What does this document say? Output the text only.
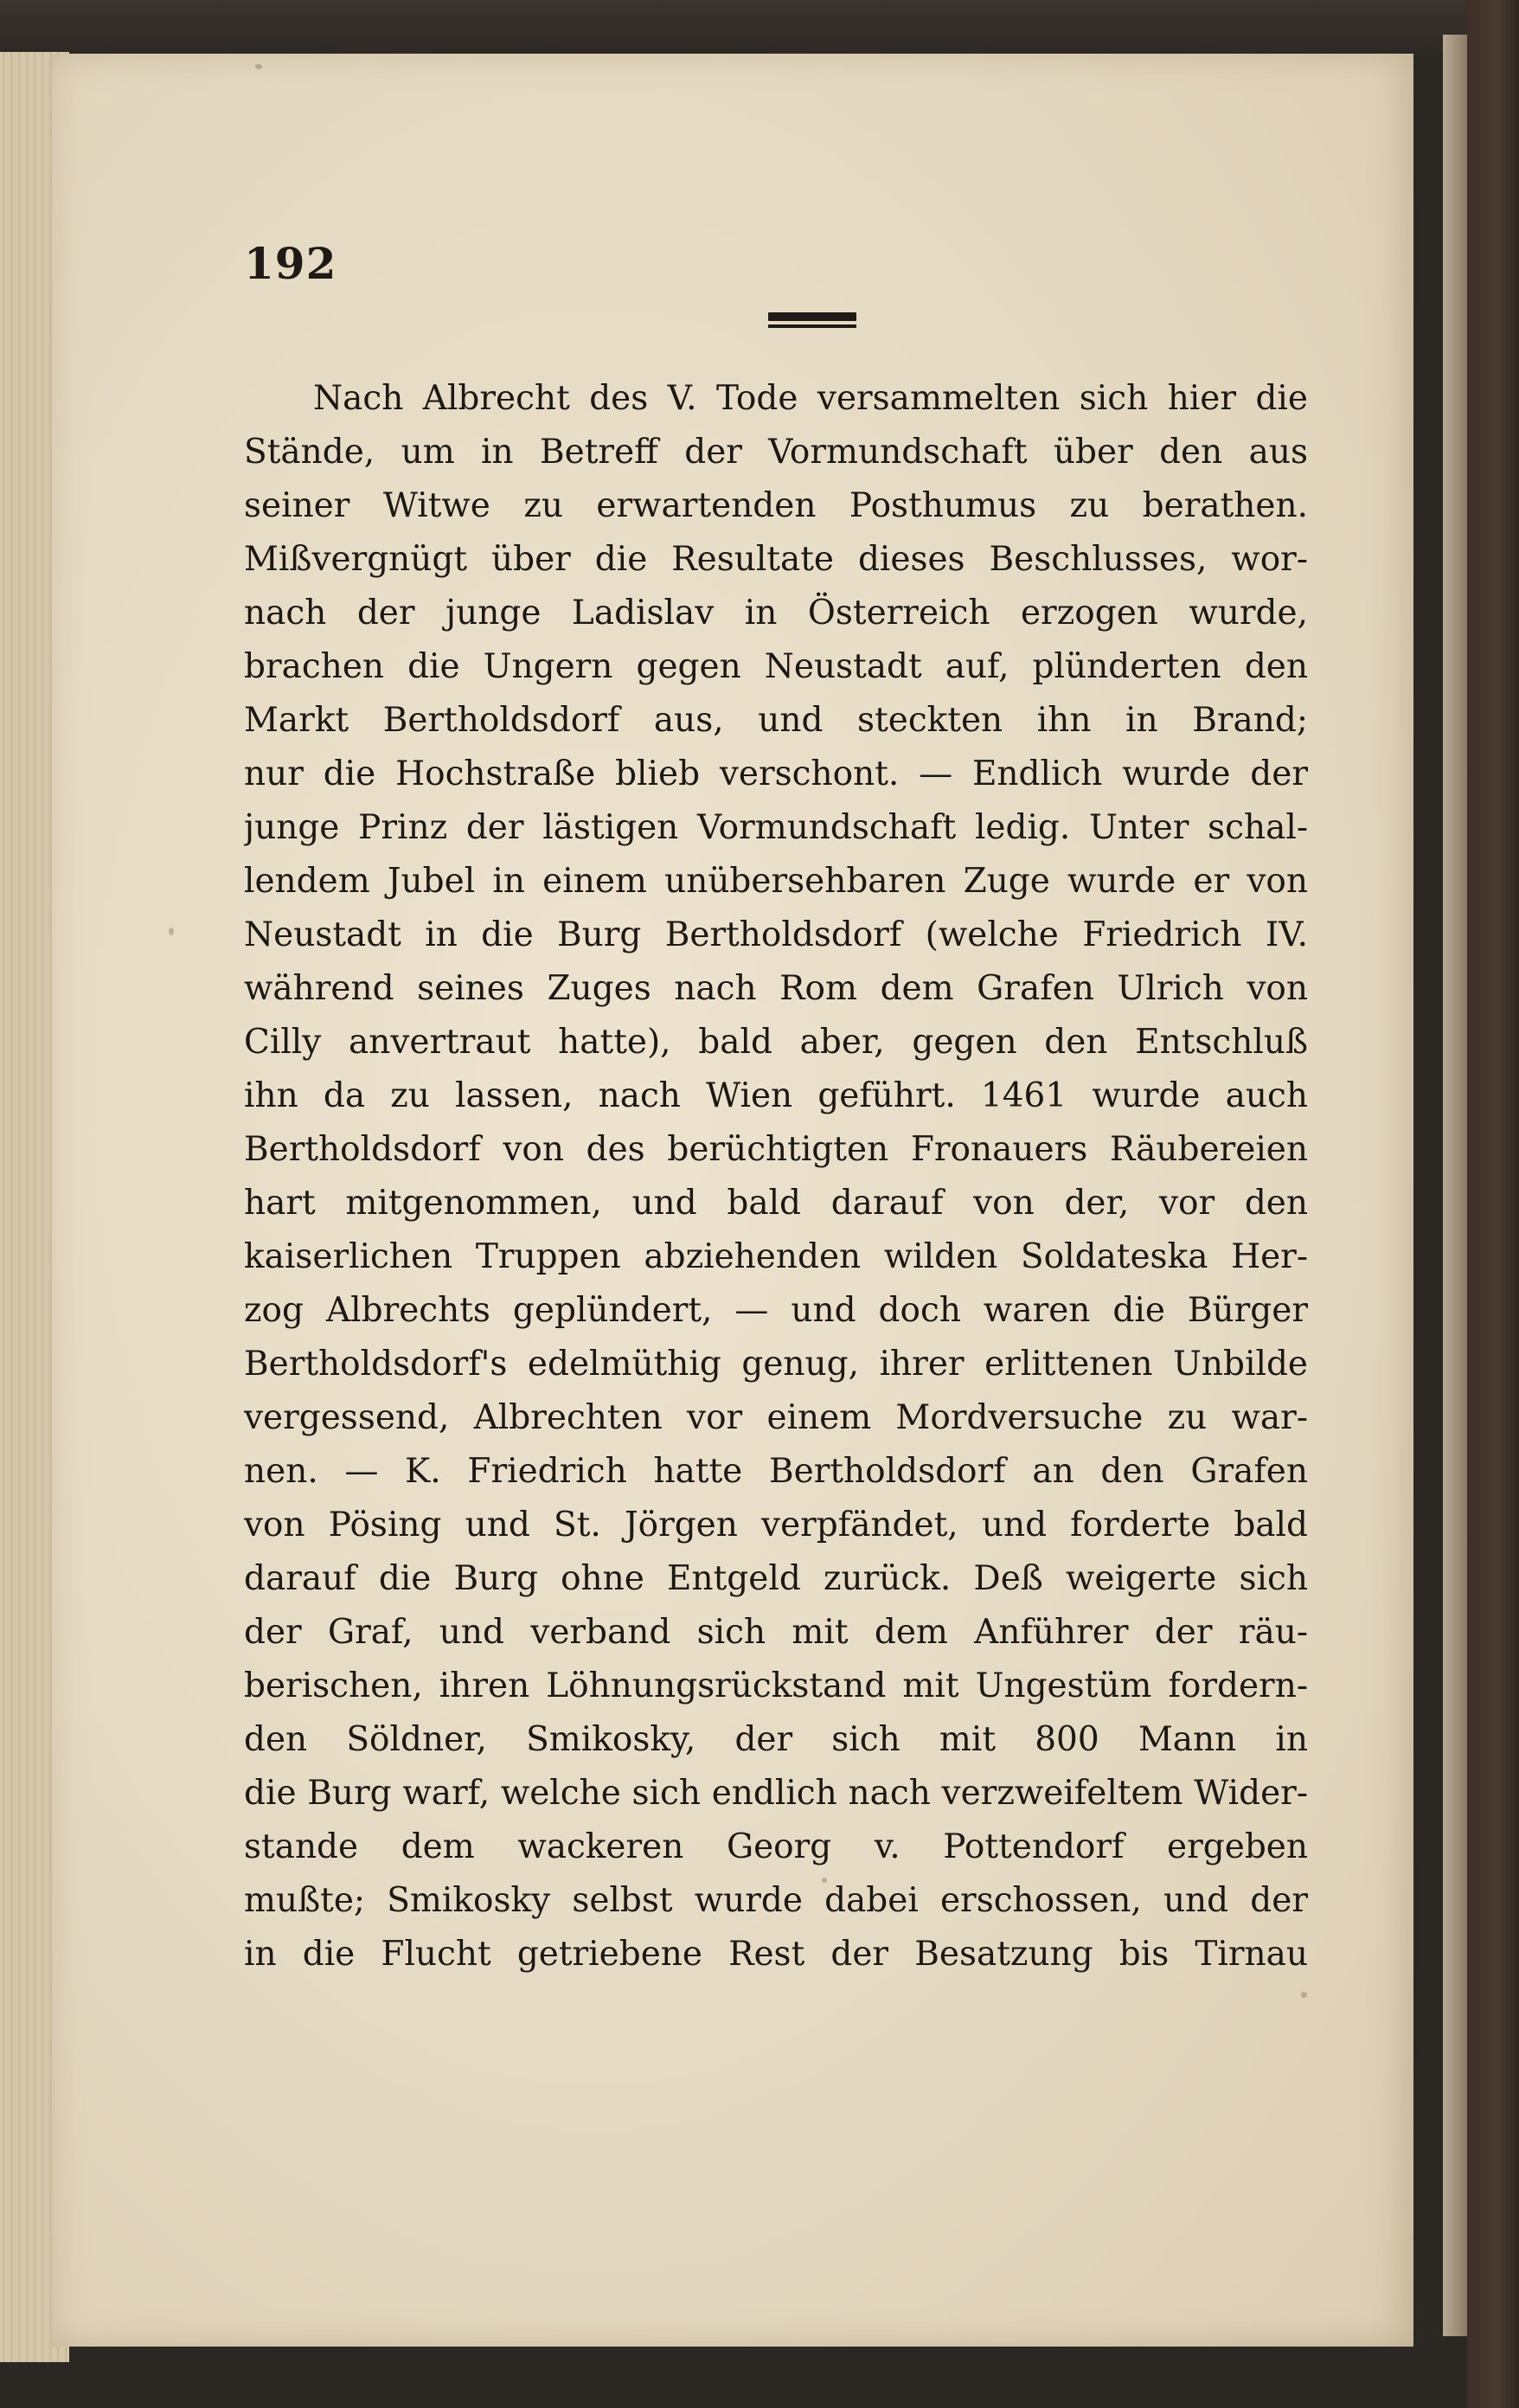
192
Nach Albrecht des V. Tode versammelten sich hier die
Stände, um in Betreff der Vormundschaft über den aus
seiner Witwe zu erwartenden Posthumus zu berathen.
Mißvergnügt über die Resultate dieses Beschlusses, wor-
nach der junge Ladislav in Österreich erzogen wurde,
brachen die Ungern gegen Neustadt auf, plünderten den
Markt Bertholdsdorf aus, und steckten ihn in Brand;
nur die Hochstraße blieb verschont. — Endlich wurde der
junge Prinz der lästigen Vormundschaft ledig. Unter schal-
lendem Jubel in einem unübersehbaren Zuge wurde er von
Neustadt in die Burg Bertholdsdorf (welche Friedrich IV.
während seines Zuges nach Rom dem Grafen Ulrich von
Cilly anvertraut hatte), bald aber, gegen den Entschluß
ihn da zu lassen, nach Wien geführt. 1461 wurde auch
Bertholdsdorf von des berüchtigten Fronauers Räubereien
hart mitgenommen, und bald darauf von der, vor den
kaiserlichen Truppen abziehenden wilden Soldateska Her-
zog Albrechts geplündert, — und doch waren die Bürger
Bertholdsdorf's edelmüthig genug, ihrer erlittenen Unbilde
vergessend, Albrechten vor einem Mordversuche zu war-
nen. — K. Friedrich hatte Bertholdsdorf an den Grafen
von Pösing und St. Jörgen verpfändet, und forderte bald
darauf die Burg ohne Entgeld zurück. Deß weigerte sich
der Graf, und verband sich mit dem Anführer der räu-
berischen, ihren Löhnungsrückstand mit Ungestüm fordern-
den Söldner, Smikosky, der sich mit 800 Mann in
die Burg warf, welche sich endlich nach verzweifeltem Wider-
stande dem wackeren Georg v. Pottendorf ergeben
mußte; Smikosky selbst wurde dabei erschossen, und der
in die Flucht getriebene Rest der Besatzung bis Tirnau
